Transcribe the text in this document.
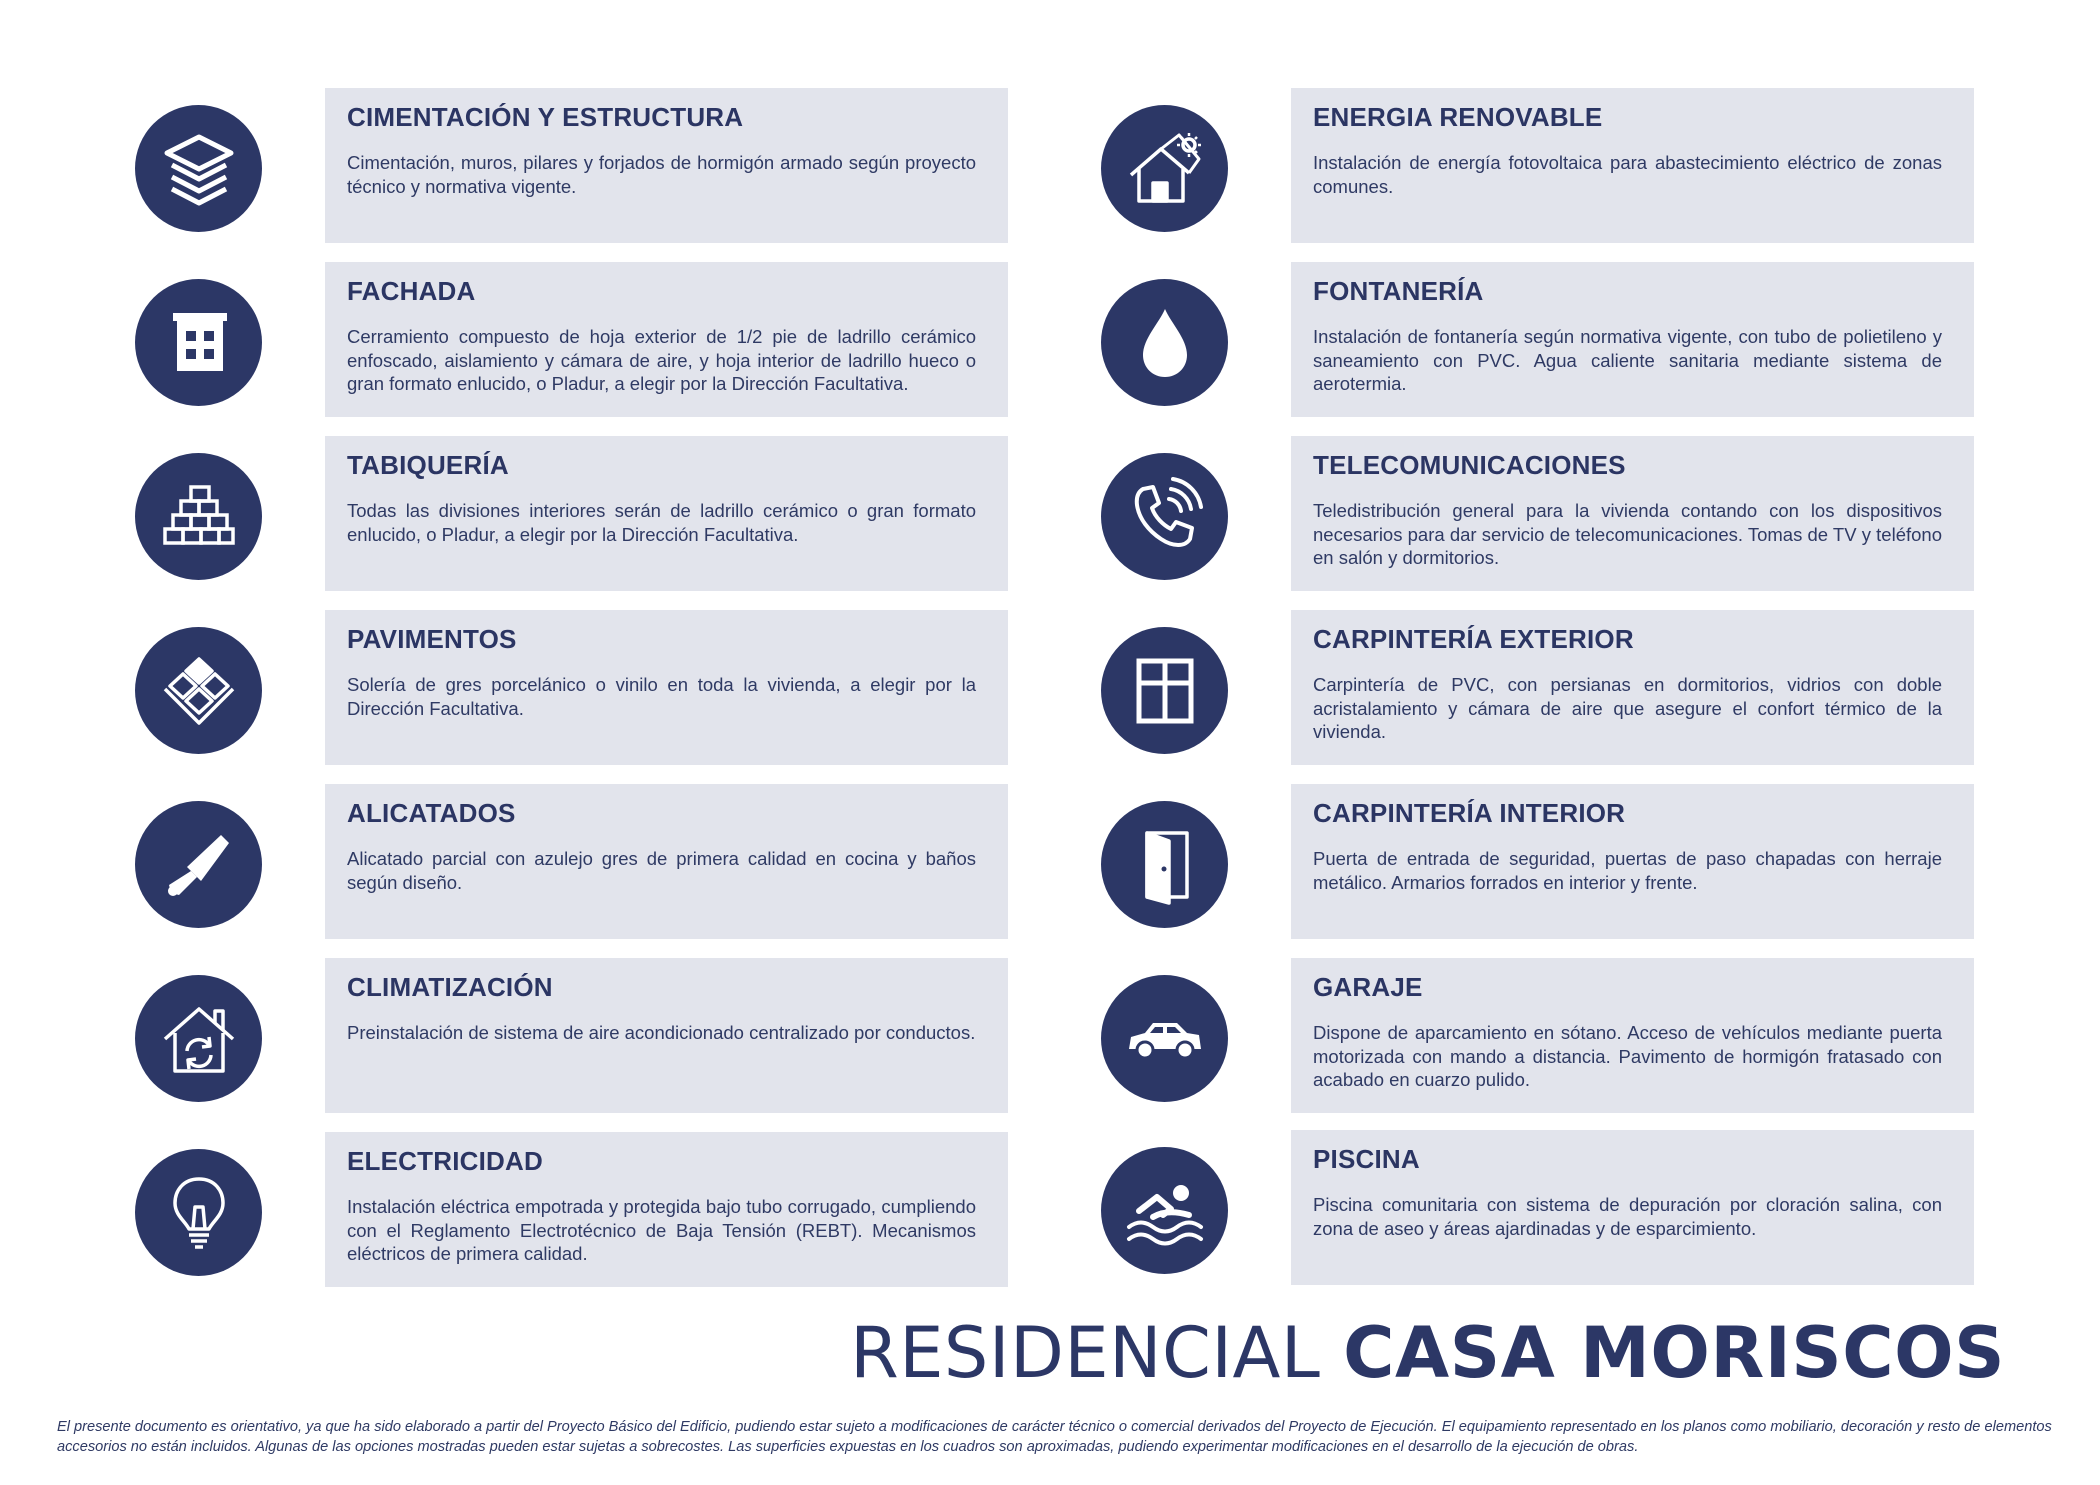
CIMENTACIÓN Y ESTRUCTURA

Cimentación, muros, pilares y forjados de hormigón armado según proyecto técnico y normativa vigente.

FACHADA

Cerramiento compuesto de hoja exterior de 1/2 pie de ladrillo cerámico enfoscado, aislamiento y cámara de aire, y hoja interior de ladrillo hueco o gran formato enlucido, o Pladur, a elegir por la Dirección Facultativa.

TABIQUERÍA

Todas las divisiones interiores serán de ladrillo cerámico o gran formato enlucido, o Pladur, a elegir por la Dirección Facultativa.

PAVIMENTOS

Solería de gres porcelánico o vinilo en toda la vivienda, a elegir por la Dirección Facultativa.

ALICATADOS

Alicatado parcial con azulejo gres de primera calidad en cocina y baños según diseño.

CLIMATIZACIÓN

Preinstalación de sistema de aire acondicionado centralizado por conductos.

ELECTRICIDAD

Instalación eléctrica empotrada y protegida bajo tubo corrugado, cumpliendo con el Reglamento Electrotécnico de Baja Tensión (REBT). Mecanismos eléctricos de primera calidad.

ENERGIA RENOVABLE

Instalación de energía fotovoltaica para abastecimiento eléctrico de zonas comunes.

FONTANERÍA

Instalación de fontanería según normativa vigente, con tubo de polietileno y saneamiento con PVC. Agua caliente sanitaria mediante sistema de aerotermia.

TELECOMUNICACIONES

Teledistribución general para la vivienda contando con los dispositivos necesarios para dar servicio de telecomunicaciones. Tomas de TV y teléfono en salón y dormitorios.

CARPINTERÍA EXTERIOR

Carpintería de PVC, con persianas en dormitorios, vidrios con doble acristalamiento y cámara de aire que asegure el confort térmico de la vivienda.

CARPINTERÍA INTERIOR

Puerta de entrada de seguridad, puertas de paso chapadas con herraje metálico. Armarios forrados en interior y frente.

GARAJE

Dispone de aparcamiento en sótano. Acceso de vehículos mediante puerta motorizada con mando a distancia. Pavimento de hormigón fratasado con acabado en cuarzo pulido.

PISCINA

Piscina comunitaria con sistema de depuración por cloración salina, con zona de aseo y áreas ajardinadas y de esparcimiento.

RESIDENCIAL CASA MORISCOS
El presente documento es orientativo, ya que ha sido elaborado a partir del Proyecto Básico del Edificio, pudiendo estar sujeto a modificaciones de carácter técnico o comercial derivados del Proyecto de Ejecución. El equipamiento representado en los planos como mobiliario, decoración y resto de elementos accesorios no están incluidos. Algunas de las opciones mostradas pueden estar sujetas a sobrecostes. Las superficies expuestas en los cuadros son aproximadas, pudiendo experimentar modificaciones en el desarrollo de la ejecución de obras.
